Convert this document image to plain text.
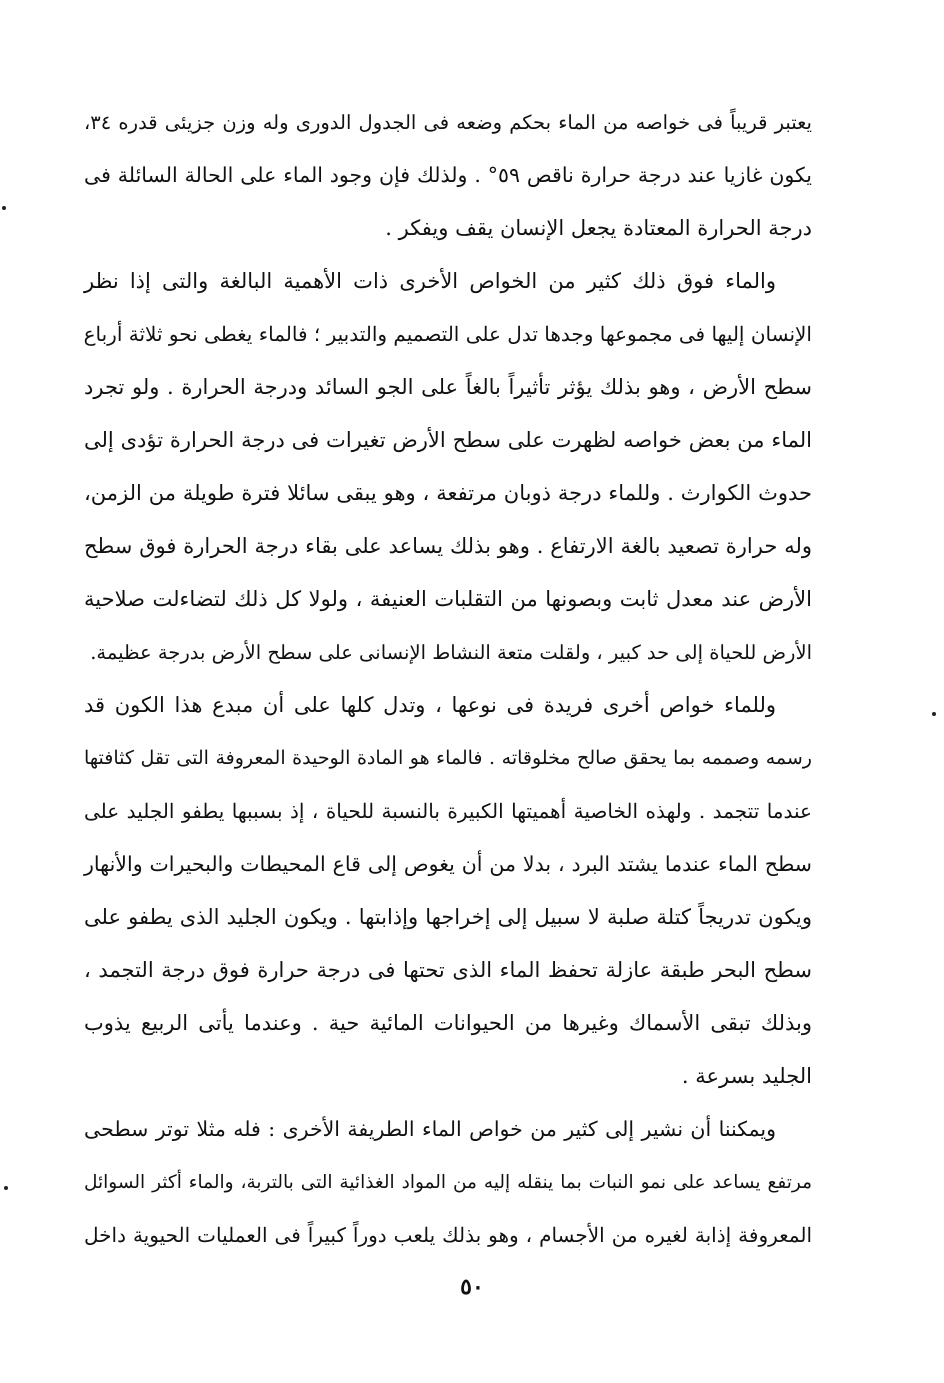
يعتبر قريباً فى خواصه من الماء بحكم وضعه فى الجدول الدورى وله وزن جزيئى قدره ٣٤،
يكون غازيا عند درجة حرارة ناقص ٥٩° . ولذلك فإن وجود الماء على الحالة السائلة فى
درجة الحرارة المعتادة يجعل الإنسان يقف ويفكر .

والماء فوق ذلك كثير من الخواص الأخرى ذات الأهمية البالغة والتى إذا نظر
الإنسان إليها فى مجموعها وجدها تدل على التصميم والتدبير ؛ فالماء يغطى نحو ثلاثة أرباع
سطح الأرض ، وهو بذلك يؤثر تأثيراً بالغاً على الجو السائد ودرجة الحرارة . ولو تجرد
الماء من بعض خواصه لظهرت على سطح الأرض تغيرات فى درجة الحرارة تؤدى إلى
حدوث الكوارث . وللماء درجة ذوبان مرتفعة ، وهو يبقى سائلا فترة طويلة من الزمن،
وله حرارة تصعيد بالغة الارتفاع . وهو بذلك يساعد على بقاء درجة الحرارة فوق سطح
الأرض عند معدل ثابت وبصونها من التقلبات العنيفة ، ولولا كل ذلك لتضاءلت صلاحية
الأرض للحياة إلى حد كبير ، ولقلت متعة النشاط الإنسانى على سطح الأرض بدرجة عظيمة.

وللماء خواص أخرى فريدة فى نوعها ، وتدل كلها على أن مبدع هذا الكون قد
رسمه وصممه بما يحقق صالح مخلوقاته . فالماء هو المادة الوحيدة المعروفة التى تقل كثافتها
عندما تتجمد . ولهذه الخاصية أهميتها الكبيرة بالنسبة للحياة ، إذ بسببها يطفو الجليد على
سطح الماء عندما يشتد البرد ، بدلا من أن يغوص إلى قاع المحيطات والبحيرات والأنهار
ويكون تدريجاً كتلة صلبة لا سبيل إلى إخراجها وإذابتها . ويكون الجليد الذى يطفو على
سطح البحر طبقة عازلة تحفظ الماء الذى تحتها فى درجة حرارة فوق درجة التجمد ،
وبذلك تبقى الأسماك وغيرها من الحيوانات المائية حية . وعندما يأتى الربيع يذوب
الجليد بسرعة .

ويمكننا أن نشير إلى كثير من خواص الماء الطريفة الأخرى : فله مثلا توتر سطحى
مرتفع يساعد على نمو النبات بما ينقله إليه من المواد الغذائية التى بالتربة، والماء أكثر السوائل
المعروفة إذابة لغيره من الأجسام ، وهو بذلك يلعب دوراً كبيراً فى العمليات الحيوية داخل

٥٠
